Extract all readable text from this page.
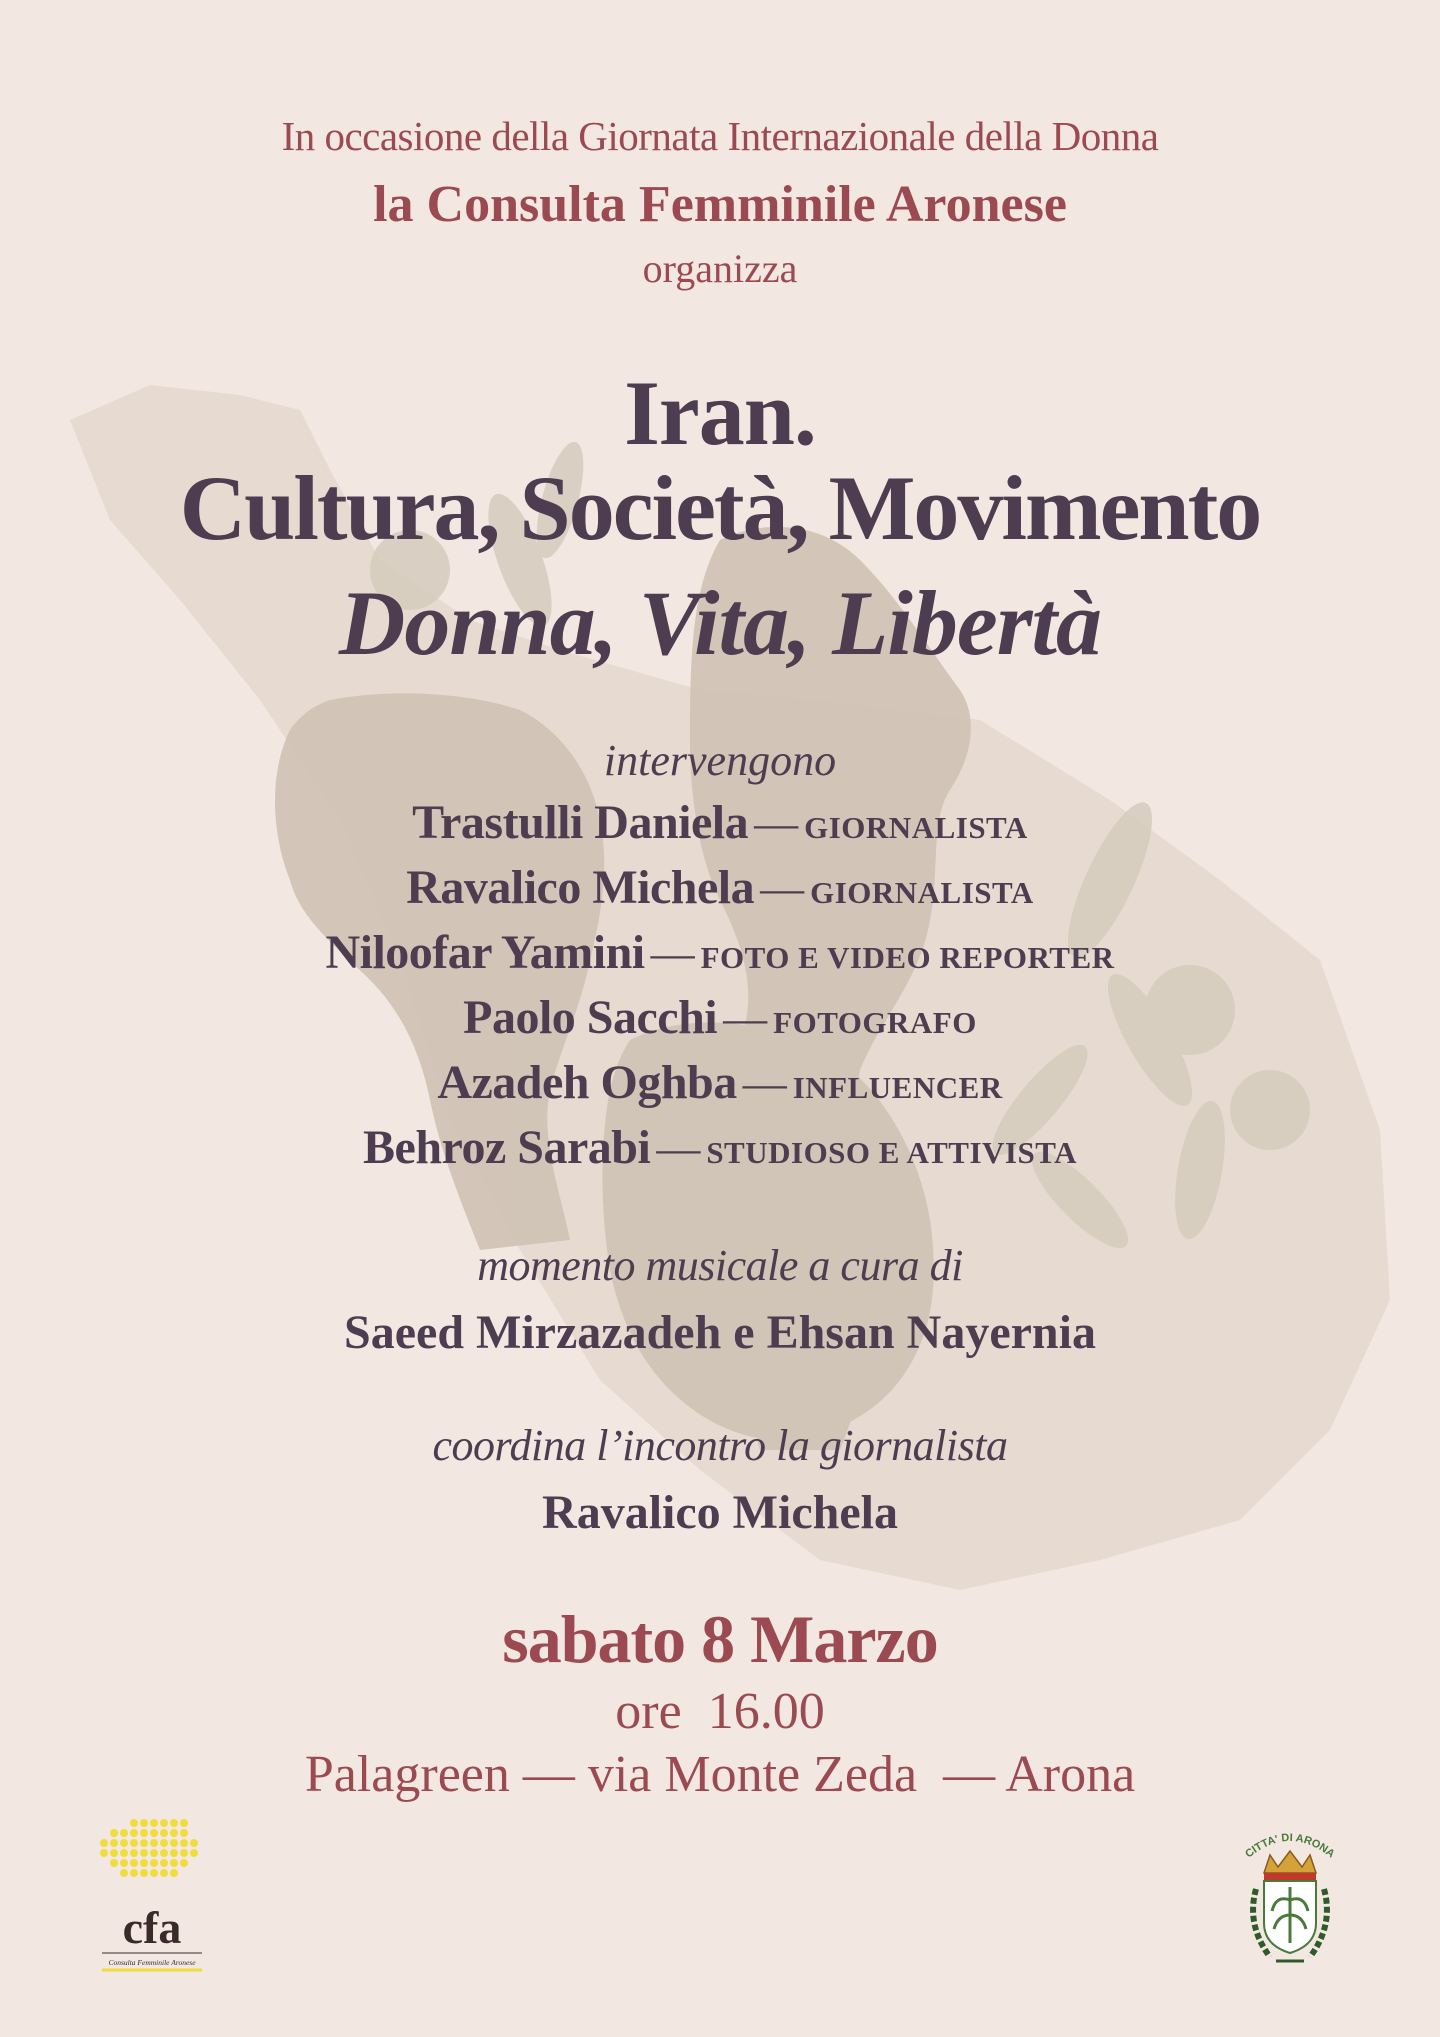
In occasione della Giornata Internazionale della Donna
la Consulta Femminile Aronese
organizza
Iran.
Cultura, Società, Movimento
Donna, Vita, Libertà
intervengono
Trastulli Daniela — GIORNALISTA
Ravalico Michela — GIORNALISTA
Niloofar Yamini — FOTO E VIDEO REPORTER
Paolo Sacchi — FOTOGRAFO
Azadeh Oghba — INFLUENCER
Behroz Sarabi — STUDIOSO E ATTIVISTA
momento musicale a cura di
Saeed Mirzazadeh e Ehsan Nayernia
coordina l’incontro la giornalista
Ravalico Michela
sabato 8 Marzo
ore  16.00
Palagreen — via Monte Zeda  — Arona
cfa
Consulta Femminile Aronese
CITTA' DI ARONA
